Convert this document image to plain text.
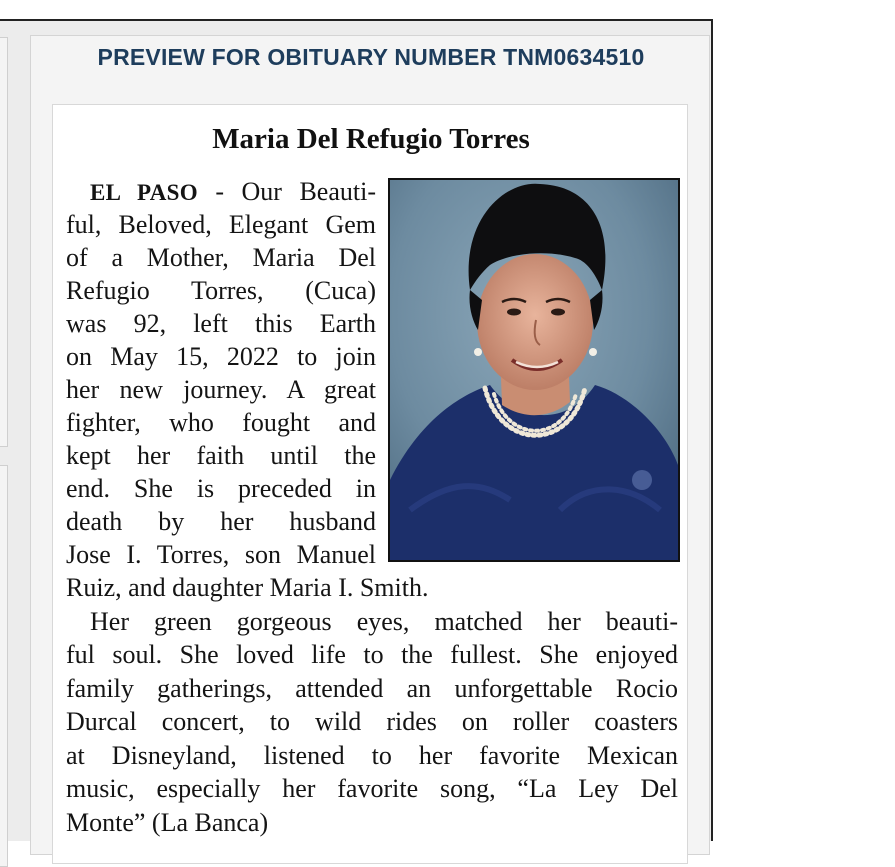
PREVIEW FOR OBITUARY NUMBER TNM0634510
Maria Del Refugio Torres
EL PASO - Our Beauti-
ful, Beloved, Elegant Gem
of a Mother, Maria Del
Refugio Torres, (Cuca)
was 92, left this Earth
on May 15, 2022 to join
her new journey. A great
fighter, who fought and
kept her faith until the
end. She is preceded in
death by her husband
Jose I. Torres, son Manuel
Ruiz, and daughter Maria I. Smith.
Her green gorgeous eyes, matched her beauti-
ful soul. She loved life to the fullest. She enjoyed
family gatherings, attended an unforgettable Rocio
Durcal concert, to wild rides on roller coasters
at Disneyland, listened to her favorite Mexican
music, especially her favorite song, “La Ley Del
Monte” (La Banca)
